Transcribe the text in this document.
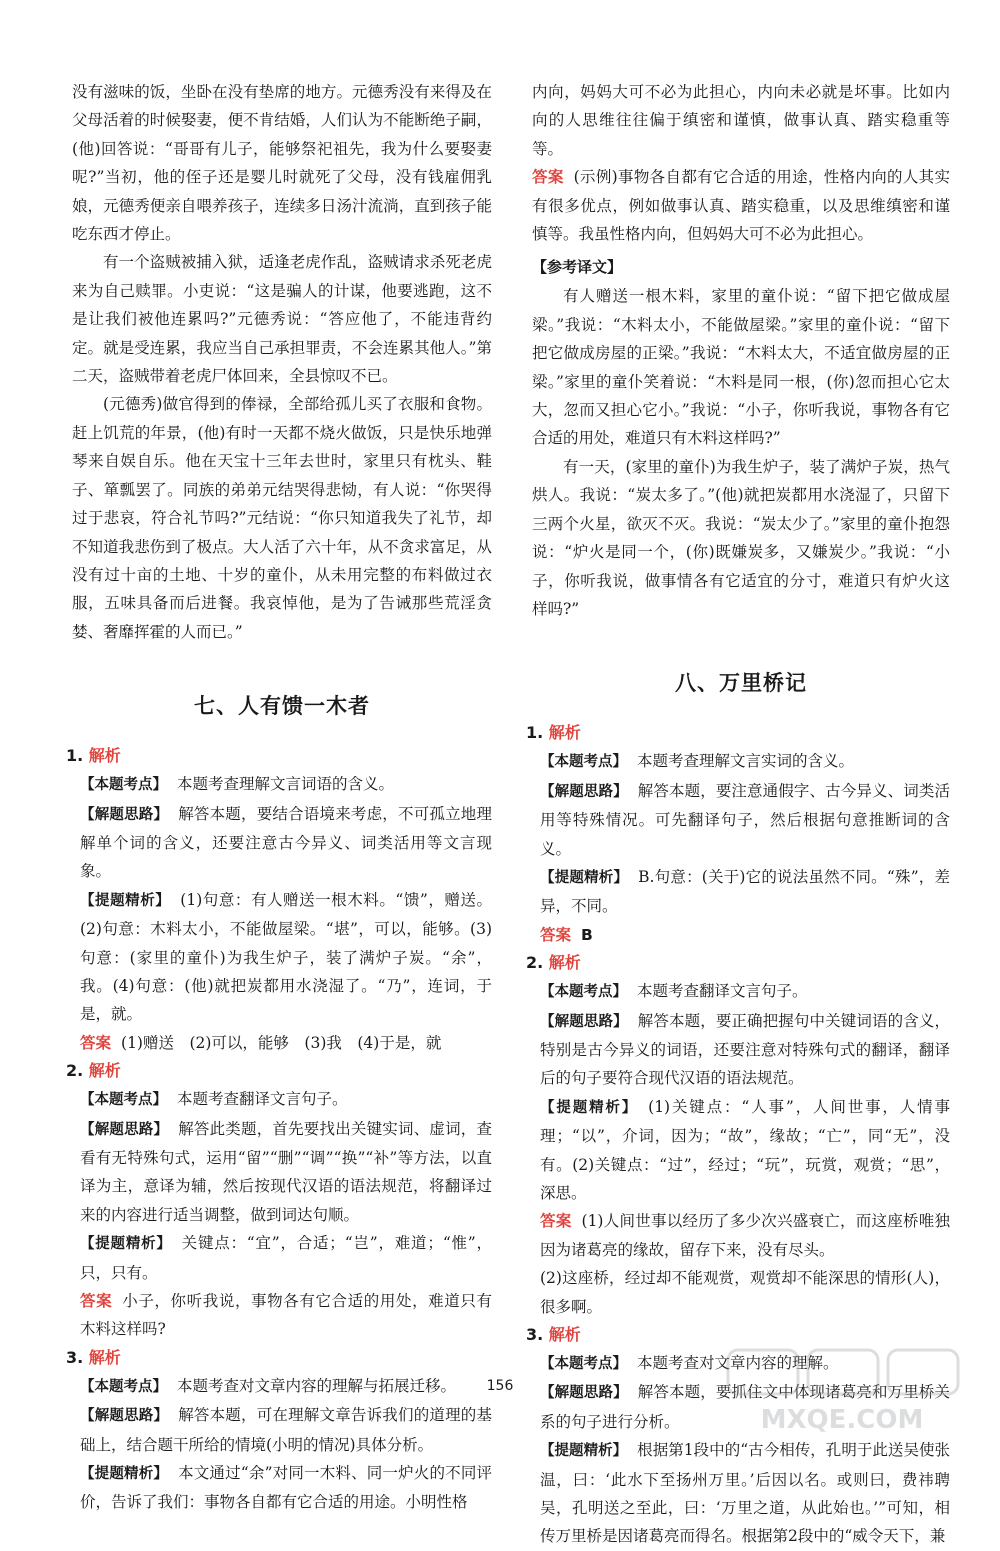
没有滋味的饭，坐卧在没有垫席的地方。元德秀没有来得及在父母活着的时候娶妻，便不肯结婚，人们认为不能断绝子嗣，(他)回答说：“哥哥有儿子，能够祭祀祖先，我为什么要娶妻呢?”当初，他的侄子还是婴儿时就死了父母，没有钱雇佣乳娘，元德秀便亲自喂养孩子，连续多日汤汁流淌，直到孩子能吃东西才停止。

有一个盗贼被捕入狱，适逢老虎作乱，盗贼请求杀死老虎来为自己赎罪。小吏说：“这是骗人的计谋，他要逃跑，这不是让我们被他连累吗?”元德秀说：“答应他了，不能违背约定。就是受连累，我应当自己承担罪责，不会连累其他人。”第二天，盗贼带着老虎尸体回来，全县惊叹不已。

(元德秀)做官得到的俸禄，全部给孤儿买了衣服和食物。赶上饥荒的年景，(他)有时一天都不烧火做饭，只是快乐地弹琴来自娱自乐。他在天宝十三年去世时，家里只有枕头、鞋子、箪瓢罢了。同族的弟弟元结哭得悲恸，有人说：“你哭得过于悲哀，符合礼节吗?”元结说：“你只知道我失了礼节，却不知道我悲伤到了极点。大人活了六十年，从不贪求富足，从没有过十亩的土地、十岁的童仆，从未用完整的布料做过衣服，五味具备而后进餐。我哀悼他，是为了告诫那些荒淫贪婪、奢靡挥霍的人而已。”

七、人有馈一木者
1. 解析
【本题考点】 本题考查理解文言词语的含义。
【解题思路】 解答本题，要结合语境来考虑，不可孤立地理解单个词的含义，还要注意古今异义、词类活用等文言现象。
【提题精析】 (1)句意：有人赠送一根木料。“馈”，赠送。(2)句意：木料太小，不能做屋梁。“堪”，可以，能够。(3)句意：(家里的童仆)为我生炉子，装了满炉子炭。“余”，我。(4)句意：(他)就把炭都用水浇湿了。“乃”，连词，于是，就。
答案 (1)赠送　(2)可以，能够　(3)我　(4)于是，就
2. 解析
【本题考点】 本题考查翻译文言句子。
【解题思路】 解答此类题，首先要找出关键实词、虚词，查看有无特殊句式，运用“留”“删”“调”“换”“补”等方法，以直译为主，意译为辅，然后按现代汉语的语法规范，将翻译过来的内容进行适当调整，做到词达句顺。
【提题精析】 关键点：“宜”，合适；“岂”，难道；“惟”，只，只有。
答案 小子，你听我说，事物各有它合适的用处，难道只有木料这样吗?
3. 解析
【本题考点】 本题考查对文章内容的理解与拓展迁移。
【解题思路】 解答本题，可在理解文章告诉我们的道理的基础上，结合题干所给的情境(小明的情况)具体分析。
【提题精析】 本文通过“余”对同一木料、同一炉火的不同评价，告诉了我们：事物各自都有它合适的用途。小明性格

内向，妈妈大可不必为此担心，内向未必就是坏事。比如内向的人思维往往偏于缜密和谨慎，做事认真、踏实稳重等等。

答案 (示例)事物各自都有它合适的用途，性格内向的人其实有很多优点，例如做事认真、踏实稳重，以及思维缜密和谨慎等。我虽性格内向，但妈妈大可不必为此担心。
【参考译文】

有人赠送一根木料，家里的童仆说：“留下把它做成屋梁。”我说：“木料太小，不能做屋梁。”家里的童仆说：“留下把它做成房屋的正梁。”我说：“木料太大，不适宜做房屋的正梁。”家里的童仆笑着说：“木料是同一根，(你)忽而担心它太大，忽而又担心它小。”我说：“小子，你听我说，事物各有它合适的用处，难道只有木料这样吗?”

有一天，(家里的童仆)为我生炉子，装了满炉子炭，热气烘人。我说：“炭太多了。”(他)就把炭都用水浇湿了，只留下三两个火星，欲灭不灭。我说：“炭太少了。”家里的童仆抱怨说：“炉火是同一个，(你)既嫌炭多，又嫌炭少。”我说：“小子，你听我说，做事情各有它适宜的分寸，难道只有炉火这样吗?”

八、万里桥记
1. 解析
【本题考点】 本题考查理解文言实词的含义。
【解题思路】 解答本题，要注意通假字、古今异义、词类活用等特殊情况。可先翻译句子，然后根据句意推断词的含义。
【提题精析】 B.句意：(关于)它的说法虽然不同。“殊”，差异，不同。
答案 B
2. 解析
【本题考点】 本题考查翻译文言句子。
【解题思路】 解答本题，要正确把握句中关键词语的含义，特别是古今异义的词语，还要注意对特殊句式的翻译，翻译后的句子要符合现代汉语的语法规范。
【提题精析】 (1)关键点：“人事”，人间世事，人情事理；“以”，介词，因为；“故”，缘故；“亡”，同“无”，没有。(2)关键点：“过”，经过；“玩”，玩赏，观赏；“思”，深思。
答案 (1)人间世事以经历了多少次兴盛衰亡，而这座桥唯独因为诸葛亮的缘故，留存下来，没有尽头。
(2)这座桥，经过却不能观赏，观赏却不能深思的情形(人)，很多啊。
3. 解析
【本题考点】 本题考查对文章内容的理解。
【解题思路】 解答本题，要抓住文中体现诸葛亮和万里桥关系的句子进行分析。
【提题精析】 根据第1段中的“古今相传，孔明于此送吴使张温，曰：‘此水下至扬州万里。’后因以名。或则曰，费祎聘吴，孔明送之至此，曰：‘万里之道，从此始也。’”可知，相传万里桥是因诸葛亮而得名。根据第2段中的“威令天下，兼
156
MXQE.COM
